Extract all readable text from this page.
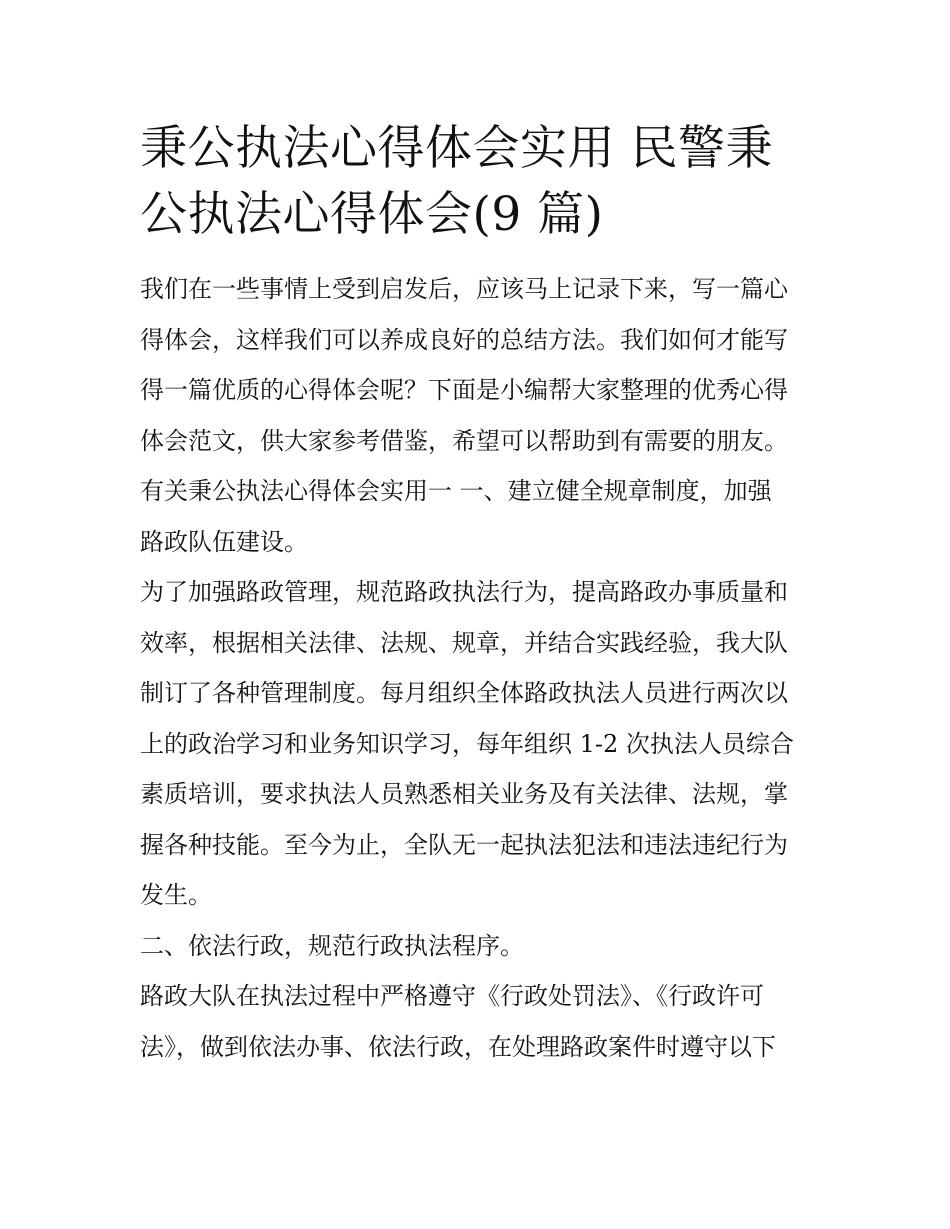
秉公执法心得体会实用 民警秉
公执法心得体会(9 篇)

我们在一些事情上受到启发后，应该马上记录下来，写一篇心
得体会，这样我们可以养成良好的总结方法。我们如何才能写
得一篇优质的心得体会呢？下面是小编帮大家整理的优秀心得
体会范文，供大家参考借鉴，希望可以帮助到有需要的朋友。

有关秉公执法心得体会实用一 一、建立健全规章制度，加强
路政队伍建设。

为了加强路政管理，规范路政执法行为，提高路政办事质量和
效率，根据相关法律、法规、规章，并结合实践经验，我大队
制订了各种管理制度。每月组织全体路政执法人员进行两次以
上的政治学习和业务知识学习，每年组织 1-2 次执法人员综合
素质培训，要求执法人员熟悉相关业务及有关法律、法规，掌
握各种技能。至今为止，全队无一起执法犯法和违法违纪行为
发生。

二、依法行政，规范行政执法程序。

路政大队在执法过程中严格遵守《行政处罚法》、《行政许可
法》，做到依法办事、依法行政，在处理路政案件时遵守以下
